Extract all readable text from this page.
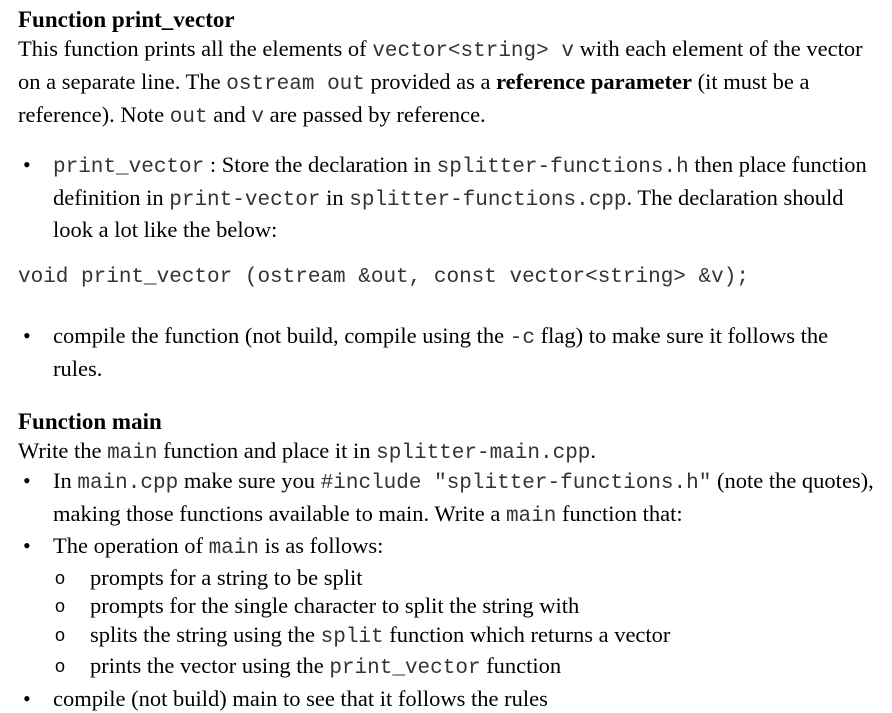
Function print_vector
This function prints all the elements of vector<string> v with each element of the vector on a separate line. The ostream out provided as a reference parameter (it must be a reference). Note out and v are passed by reference.
• print_vector : Store the declaration in splitter-functions.h then place function definition in print-vector in splitter-functions.cpp. The declaration should look a lot like the below:
void print_vector (ostream &out, const vector<string> &v);
• compile the function (not build, compile using the -c flag) to make sure it follows the rules.
Function main
Write the main function and place it in splitter-main.cpp.
• In main.cpp make sure you #include "splitter-functions.h" (note the quotes), making those functions available to main. Write a main function that:
• The operation of main is as follows:
o prompts for a string to be split
o prompts for the single character to split the string with
o splits the string using the split function which returns a vector
o prints the vector using the print_vector function
• compile (not build) main to see that it follows the rules
